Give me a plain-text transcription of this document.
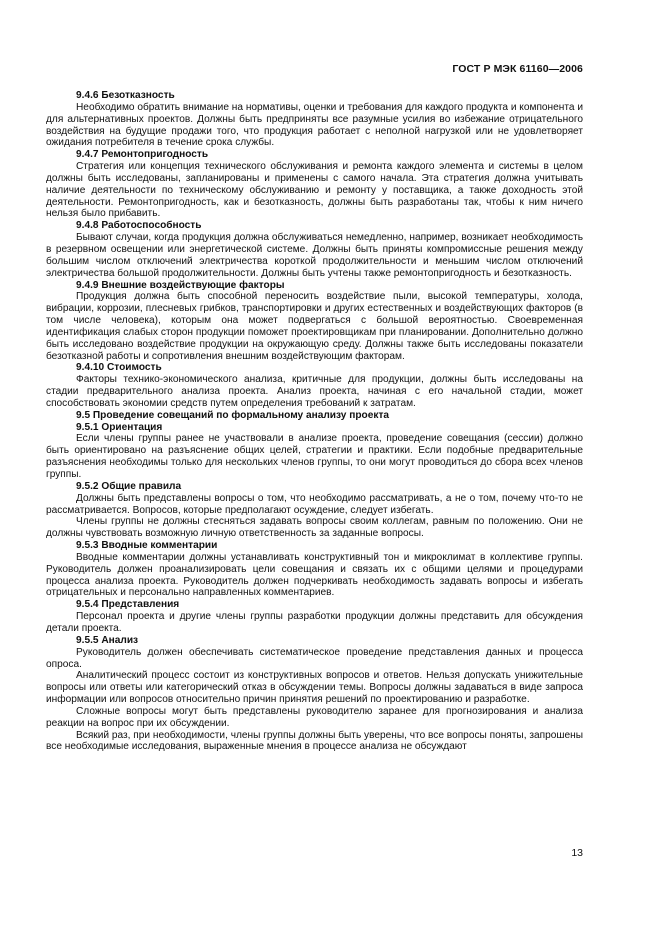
ГОСТ Р МЭК 61160—2006
9.4.6 Безотказность

Необходимо обратить внимание на нормативы, оценки и требования для каждого продукта и компонента и для альтернативных проектов. Должны быть предприняты все разумные усилия во избежание отрицательного воздействия на будущие продажи того, что продукция работает с неполной нагрузкой или не удовлетворяет ожидания потребителя в течение срока службы.

9.4.7 Ремонтопригодность

Стратегия или концепция технического обслуживания и ремонта каждого элемента и системы в целом должны быть исследованы, запланированы и применены с самого начала. Эта стратегия должна учитывать наличие деятельности по техническому обслуживанию и ремонту у поставщика, а также доходность этой деятельности. Ремонтопригодность, как и безотказность, должны быть разработаны так, чтобы к ним ничего нельзя было прибавить.

9.4.8 Работоспособность

Бывают случаи, когда продукция должна обслуживаться немедленно, например, возникает необходимость в резервном освещении или энергетической системе. Должны быть приняты компромиссные решения между большим числом отключений электричества короткой продолжительности и меньшим числом отключений электричества большой продолжительности. Должны быть учтены также ремонтопригодность и безотказность.

9.4.9 Внешние воздействующие факторы

Продукция должна быть способной переносить воздействие пыли, высокой температуры, холода, вибрации, коррозии, плесневых грибков, транспортировки и других естественных и воздействующих факторов (в том числе человека), которым она может подвергаться с большой вероятностью. Своевременная идентификация слабых сторон продукции поможет проектировщикам при планировании. Дополнительно должно быть исследовано воздействие продукции на окружающую среду. Должны также быть исследованы показатели безотказной работы и сопротивления внешним воздействующим факторам.

9.4.10 Стоимость

Факторы технико-экономического анализа, критичные для продукции, должны быть исследованы на стадии предварительного анализа проекта. Анализ проекта, начиная с его начальной стадии, может способствовать экономии средств путем определения требований к затратам.

9.5 Проведение совещаний по формальному анализу проекта
9.5.1 Ориентация

Если члены группы ранее не участвовали в анализе проекта, проведение совещания (сессии) должно быть ориентировано на разъяснение общих целей, стратегии и практики. Если подобные предварительные разъяснения необходимы только для нескольких членов группы, то они могут проводиться до сбора всех членов группы.

9.5.2 Общие правила

Должны быть представлены вопросы о том, что необходимо рассматривать, а не о том, почему что-то не рассматривается. Вопросов, которые предполагают осуждение, следует избегать.

Члены группы не должны стесняться задавать вопросы своим коллегам, равным по положению. Они не должны чувствовать возможную личную ответственность за заданные вопросы.

9.5.3 Вводные комментарии

Вводные комментарии должны устанавливать конструктивный тон и микроклимат в коллективе группы. Руководитель должен проанализировать цели совещания и связать их с общими целями и процедурами процесса анализа проекта. Руководитель должен подчеркивать необходимость задавать вопросы и избегать отрицательных и персонально направленных комментариев.

9.5.4 Представления

Персонал проекта и другие члены группы разработки продукции должны представить для обсуждения детали проекта.

9.5.5 Анализ

Руководитель должен обеспечивать систематическое проведение представления данных и процесса опроса.

Аналитический процесс состоит из конструктивных вопросов и ответов. Нельзя допускать унижительные вопросы или ответы или категорический отказ в обсуждении темы. Вопросы должны задаваться в виде запроса информации или вопросов относительно причин принятия решений по проектированию и разработке.

Сложные вопросы могут быть представлены руководителю заранее для прогнозирования и анализа реакции на вопрос при их обсуждении.

Всякий раз, при необходимости, члены группы должны быть уверены, что все вопросы поняты, запрошены все необходимые исследования, выраженные мнения в процессе анализа не обсуждают

13
